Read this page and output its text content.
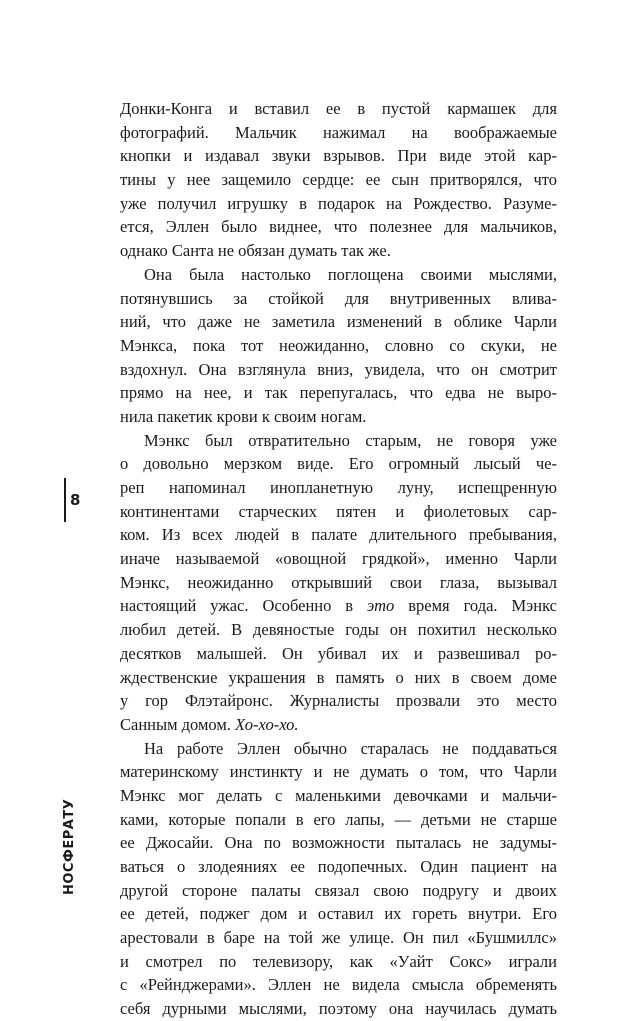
8
НОСФЕРАТУ
Донки-Конга и вставил ее в пустой кармашек для
фотографий. Мальчик нажимал на воображаемые
кнопки и издавал звуки взрывов. При виде этой кар-
тины у нее защемило сердце: ее сын притворялся, что
уже получил игрушку в подарок на Рождество. Разуме-
ется, Эллен было виднее, что полезнее для мальчиков,
однако Санта не обязан думать так же.
Она была настолько поглощена своими мыслями,
потянувшись за стойкой для внутривенных влива-
ний, что даже не заметила изменений в облике Чарли
Мэнкса, пока тот неожиданно, словно со скуки, не
вздохнул. Она взглянула вниз, увидела, что он смотрит
прямо на нее, и так перепугалась, что едва не выро-
нила пакетик крови к своим ногам.
Мэнкс был отвратительно старым, не говоря уже
о довольно мерзком виде. Его огромный лысый че-
реп напоминал инопланетную луну, испещренную
континентами старческих пятен и фиолетовых сар-
ком. Из всех людей в палате длительного пребывания,
иначе называемой «овощной грядкой», именно Чарли
Мэнкс, неожиданно открывший свои глаза, вызывал
настоящий ужас. Особенно в это время года. Мэнкс
любил детей. В девяностые годы он похитил несколько
десятков малышей. Он убивал их и развешивал ро-
ждественские украшения в память о них в своем доме
у гор Флэтайронс. Журналисты прозвали это место
Санным домом. Хо-хо-хо.
На работе Эллен обычно старалась не поддаваться
материнскому инстинкту и не думать о том, что Чарли
Мэнкс мог делать с маленькими девочками и мальчи-
ками, которые попали в его лапы, — детьми не старше
ее Джосайи. Она по возможности пыталась не задумы-
ваться о злодеяниях ее подопечных. Один пациент на
другой стороне палаты связал свою подругу и двоих
ее детей, поджег дом и оставил их гореть внутри. Его
арестовали в баре на той же улице. Он пил «Бушмиллс»
и смотрел по телевизору, как «Уайт Сокс» играли
с «Рейнджерами». Эллен не видела смысла обременять
себя дурными мыслями, поэтому она научилась думать
